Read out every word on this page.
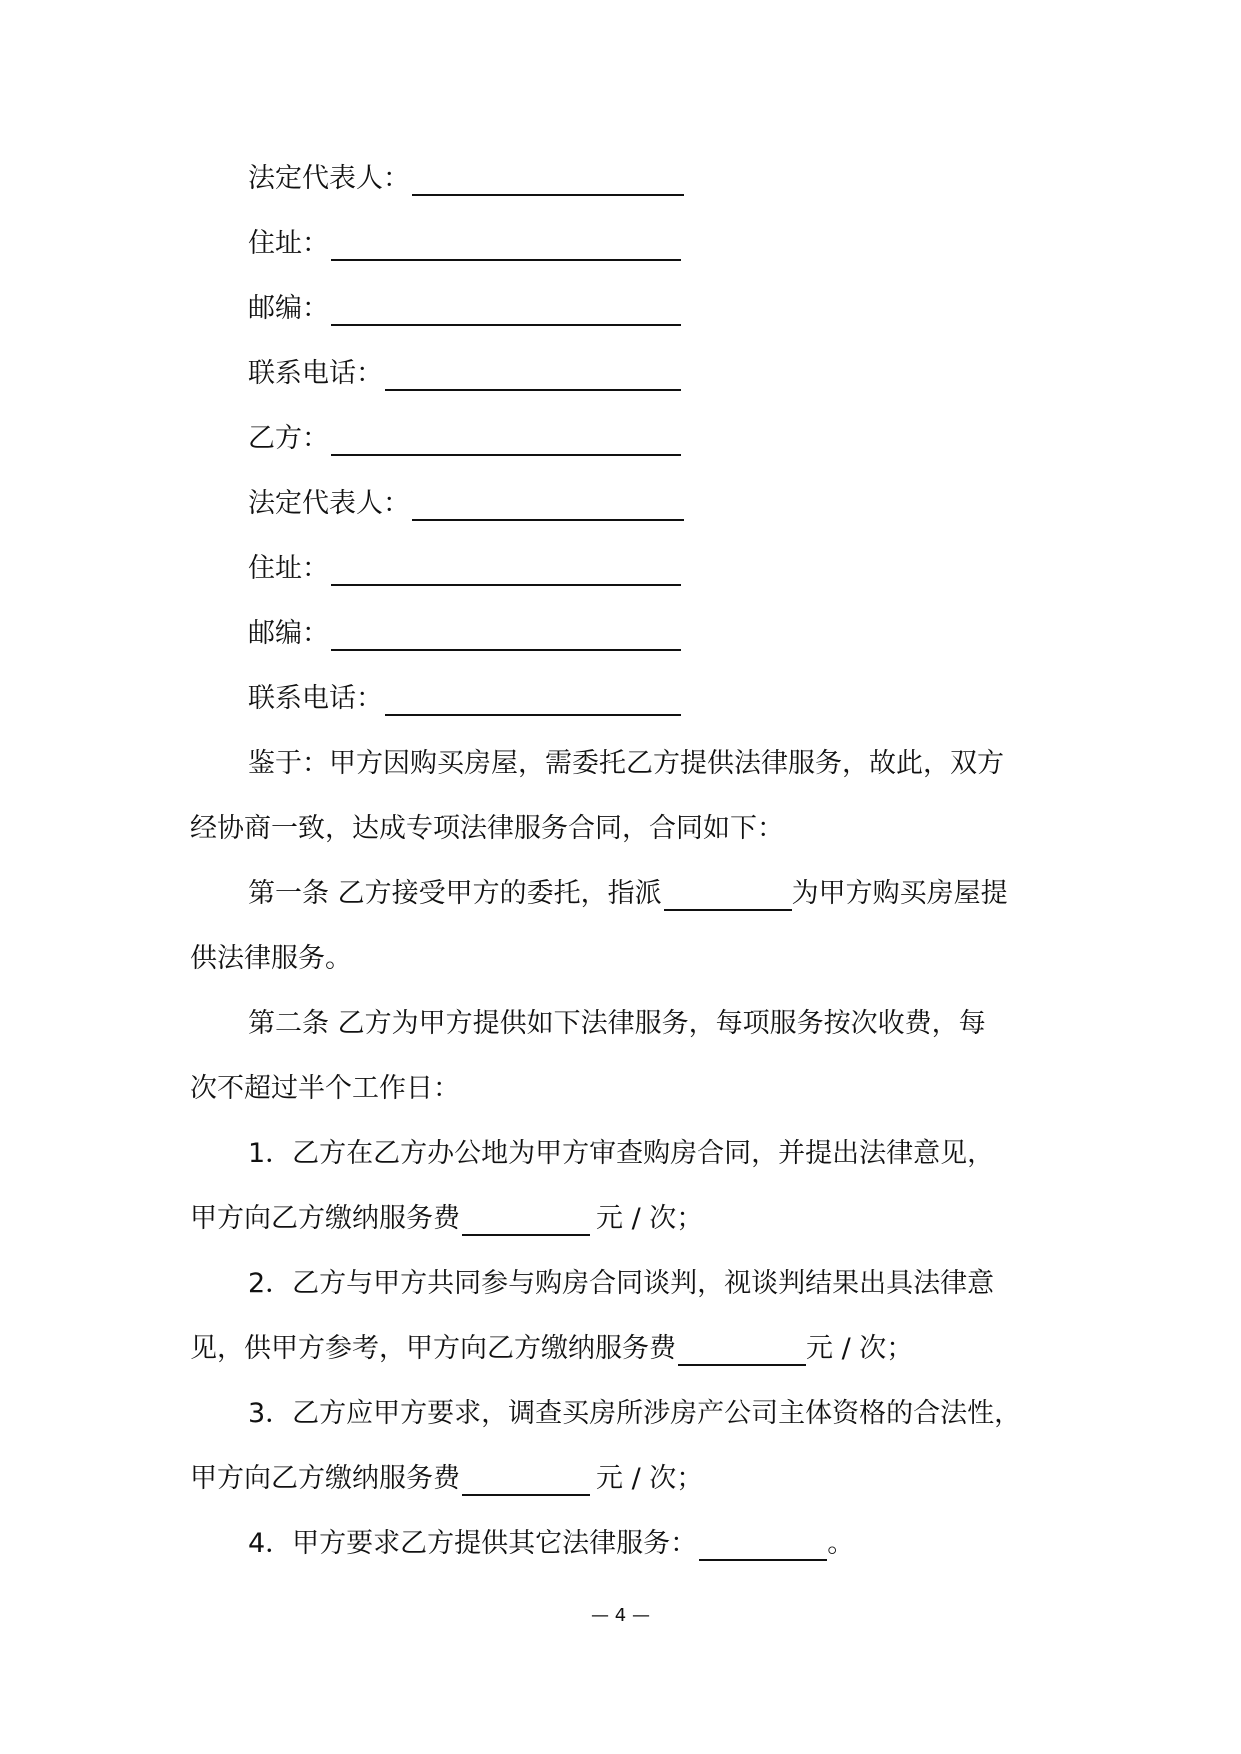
法定代表人：
住址：
邮编：
联系电话：
乙方：
法定代表人：
住址：
邮编：
联系电话：
鉴于：甲方因购买房屋，需委托乙方提供法律服务，故此，双方
经协商一致，达成专项法律服务合同，合同如下：
第一条 乙方接受甲方的委托，指派	为甲方购买房屋提
供法律服务。
第二条 乙方为甲方提供如下法律服务，每项服务按次收费，每
次不超过半个工作日：
1．乙方在乙方办公地为甲方审查购房合同，并提出法律意见，
甲方向乙方缴纳服务费	元 / 次；
2．乙方与甲方共同参与购房合同谈判，视谈判结果出具法律意
见，供甲方参考，甲方向乙方缴纳服务费	元 / 次；
3．乙方应甲方要求，调查买房所涉房产公司主体资格的合法性，
甲方向乙方缴纳服务费	元 / 次；
4．甲方要求乙方提供其它法律服务：	。
— 4 —
